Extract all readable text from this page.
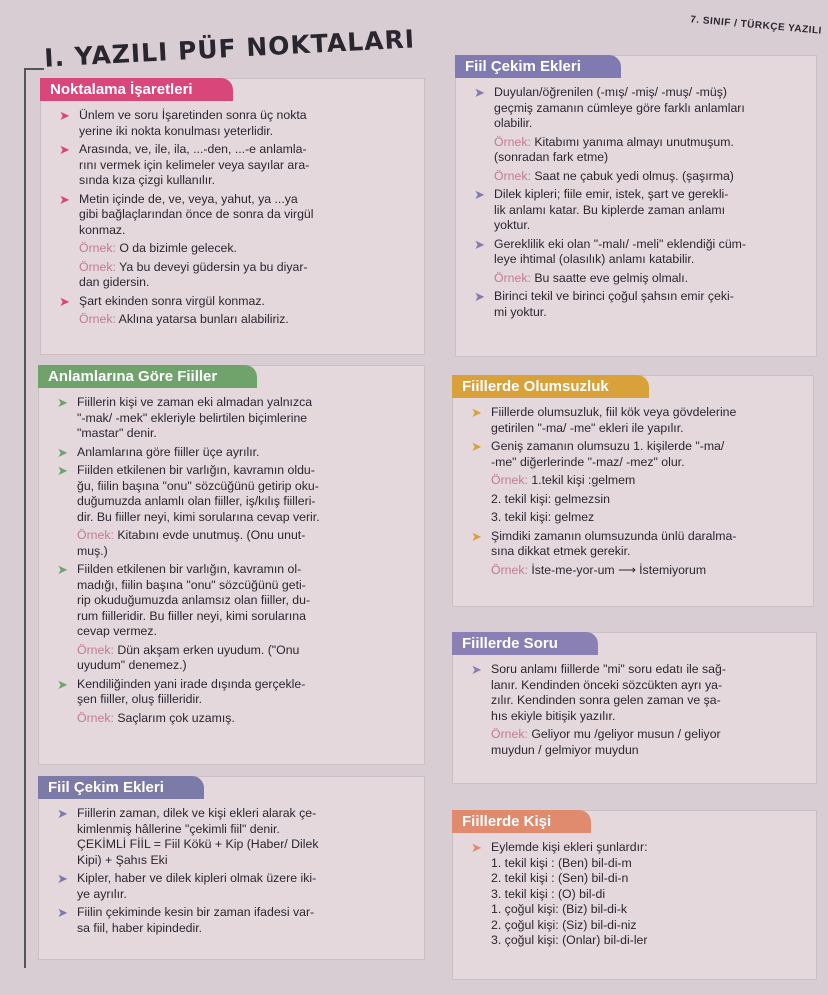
7. SINIF / TÜRKÇE YAZILI
I. YAZILI PÜF NOKTALARI
Noktalama İşaretleri
➤ Ünlem ve soru İşaretinden sonra üç nokta
yerine iki nokta konulması yeterlidir.
➤ Arasında, ve, ile, ila, ...-den, ...-e anlamla-
rını vermek için kelimeler veya sayılar ara-
sında kıza çizgi kullanılır.
➤ Metin içinde de, ve, veya, yahut, ya ...ya
gibi bağlaçlarından önce de sonra da virgül
konmaz.
Örnek: O da bizimle gelecek.
Örnek: Ya bu deveyi güdersin ya bu diyar-
dan gidersin.
➤ Şart ekinden sonra virgül konmaz.
Örnek: Aklına yatarsa bunları alabiliriz.
Anlamlarına Göre Fiiller
➤ Fiillerin kişi ve zaman eki almadan yalnızca
"-mak/ -mek" ekleriyle belirtilen biçimlerine
"mastar" denir.
➤ Anlamlarına göre fiiller üçe ayrılır.
➤ Fiilden etkilenen bir varlığın, kavramın oldu-
ğu, fiilin başına "onu" sözcüğünü getirip oku-
duğumuzda anlamlı olan fiiller, iş/kılış fiilleri-
dir. Bu fiiller neyi, kimi sorularına cevap verir.
Örnek: Kitabını evde unutmuş. (Onu unut-
muş.)
➤ Fiilden etkilenen bir varlığın, kavramın ol-
madığı, fiilin başına "onu" sözcüğünü geti-
rip okuduğumuzda anlamsız olan fiiller, du-
rum fiilleridir. Bu fiiller neyi, kimi sorularına
cevap vermez.
Örnek: Dün akşam erken uyudum. ("Onu
uyudum" denemez.)
➤ Kendiliğinden yani irade dışında gerçekle-
şen fiiller, oluş fiilleridir.
Örnek: Saçlarım çok uzamış.
Fiil Çekim Ekleri
➤ Fiillerin zaman, dilek ve kişi ekleri alarak çe-
kimlenmiş hâllerine "çekimli fiil" denir.
ÇEKİMLİ FİİL = Fiil Kökü + Kip (Haber/ Dilek
Kipi) + Şahıs Eki
➤ Kipler, haber ve dilek kipleri olmak üzere iki-
ye ayrılır.
➤ Fiilin çekiminde kesin bir zaman ifadesi var-
sa fiil, haber kipindedir.
Fiil Çekim Ekleri
➤ Duyulan/öğrenilen (-mış/ -miş/ -muş/ -müş)
geçmiş zamanın cümleye göre farklı anlamları
olabilir.
Örnek: Kitabımı yanıma almayı unutmuşum.
(sonradan fark etme)
Örnek: Saat ne çabuk yedi olmuş. (şaşırma)
➤ Dilek kipleri; fiile emir, istek, şart ve gerekli-
lik anlamı katar. Bu kiplerde zaman anlamı
yoktur.
➤ Gereklilik eki olan "-malı/ -meli" eklendiği cüm-
leye ihtimal (olasılık) anlamı katabilir.
Örnek: Bu saatte eve gelmiş olmalı.
➤ Birinci tekil ve birinci çoğul şahsın emir çeki-
mi yoktur.
Fiillerde Olumsuzluk
➤ Fiillerde olumsuzluk, fiil kök veya gövdelerine
getirilen "-ma/ -me" ekleri ile yapılır.
➤ Geniş zamanın olumsuzu 1. kişilerde "-ma/
-me" diğerlerinde "-maz/ -mez" olur.
Örnek: 1.tekil kişi :gelmem
2. tekil kişi: gelmezsin
3. tekil kişi: gelmez
➤ Şimdiki zamanın olumsuzunda ünlü daralma-
sına dikkat etmek gerekir.
Örnek: İste-me-yor-um ⟶ İstemiyorum
Fiillerde Soru
➤ Soru anlamı fiillerde "mi" soru edatı ile sağ-
lanır. Kendinden önceki sözcükten ayrı ya-
zılır. Kendinden sonra gelen zaman ve şa-
hıs ekiyle bitişik yazılır.
Örnek: Geliyor mu /geliyor musun / geliyor
muydun / gelmiyor muydun
Fiillerde Kişi
➤ Eylemde kişi ekleri şunlardır:
1. tekil kişi : (Ben) bil-di-m
2. tekil kişi : (Sen) bil-di-n
3. tekil kişi : (O) bil-di
1. çoğul kişi: (Biz) bil-di-k
2. çoğul kişi: (Siz) bil-di-niz
3. çoğul kişi: (Onlar) bil-di-ler
